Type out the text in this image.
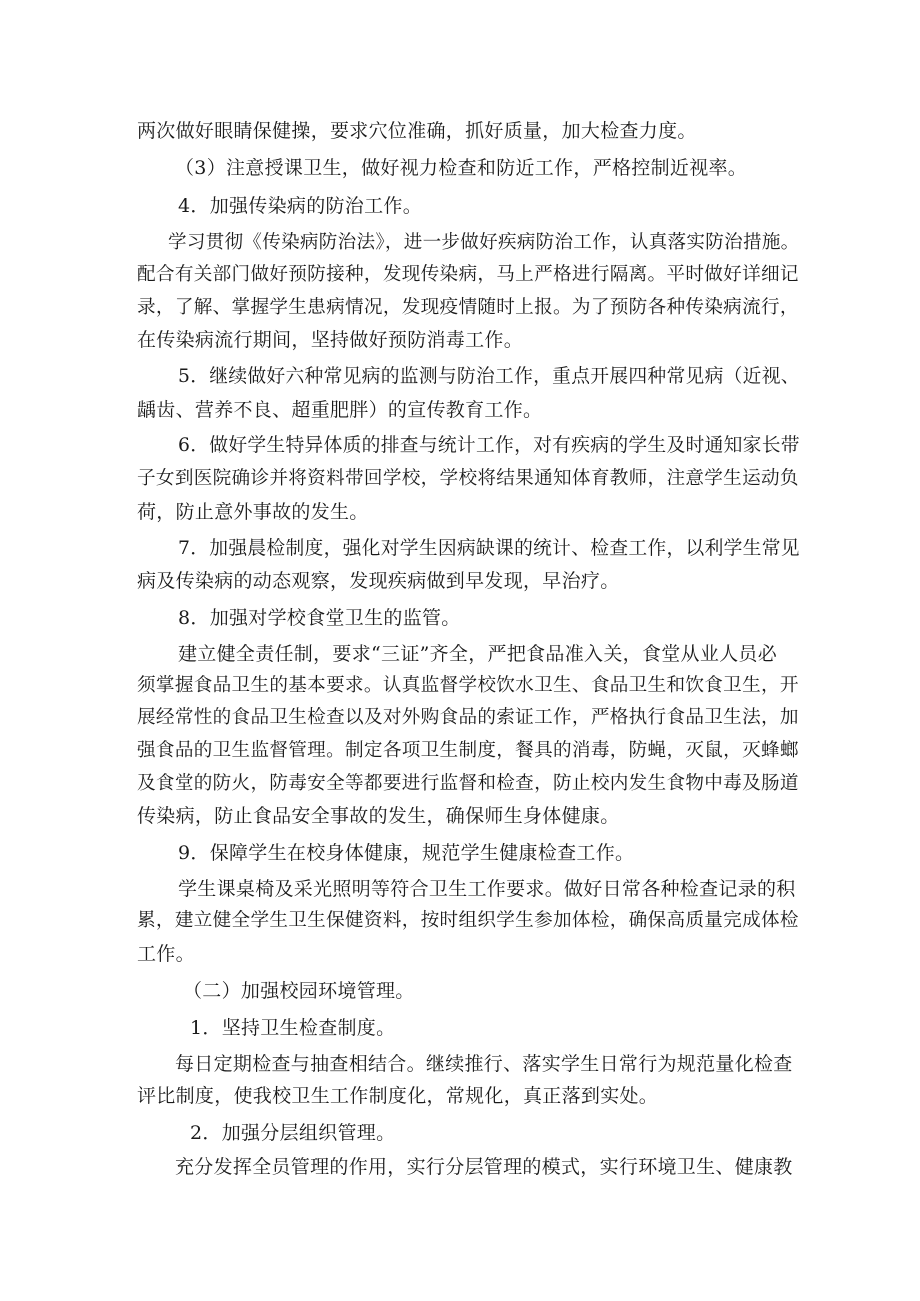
两次做好眼睛保健操，要求穴位准确，抓好质量，加大检查力度。
（3）注意授课卫生，做好视力检查和防近工作，严格控制近视率。
4．加强传染病的防治工作。
学习贯彻《传染病防治法》，进一步做好疾病防治工作，认真落实防治措施。
配合有关部门做好预防接种，发现传染病，马上严格进行隔离。平时做好详细记
录，了解、掌握学生患病情况，发现疫情随时上报。为了预防各种传染病流行，
在传染病流行期间，坚持做好预防消毒工作。
5．继续做好六种常见病的监测与防治工作，重点开展四种常见病（近视、
龋齿、营养不良、超重肥胖）的宣传教育工作。
6．做好学生特异体质的排查与统计工作，对有疾病的学生及时通知家长带
子女到医院确诊并将资料带回学校，学校将结果通知体育教师，注意学生运动负
荷，防止意外事故的发生。
7．加强晨检制度，强化对学生因病缺课的统计、检查工作，以利学生常见
病及传染病的动态观察，发现疾病做到早发现，早治疗。
8．加强对学校食堂卫生的监管。
建立健全责任制，要求“三证”齐全，严把食品准入关，食堂从业人员必
须掌握食品卫生的基本要求。认真监督学校饮水卫生、食品卫生和饮食卫生，开
展经常性的食品卫生检查以及对外购食品的索证工作，严格执行食品卫生法，加
强食品的卫生监督管理。制定各项卫生制度，餐具的消毒，防蝇，灭鼠，灭蜂螂
及食堂的防火，防毒安全等都要进行监督和检查，防止校内发生食物中毒及肠道
传染病，防止食品安全事故的发生，确保师生身体健康。
9．保障学生在校身体健康，规范学生健康检查工作。
学生课桌椅及采光照明等符合卫生工作要求。做好日常各种检查记录的积
累，建立健全学生卫生保健资料，按时组织学生参加体检，确保高质量完成体检
工作。
（二）加强校园环境管理。
1．坚持卫生检查制度。
每日定期检查与抽查相结合。继续推行、落实学生日常行为规范量化检查
评比制度，使我校卫生工作制度化，常规化，真正落到实处。
2．加强分层组织管理。
充分发挥全员管理的作用，实行分层管理的模式，实行环境卫生、健康教
